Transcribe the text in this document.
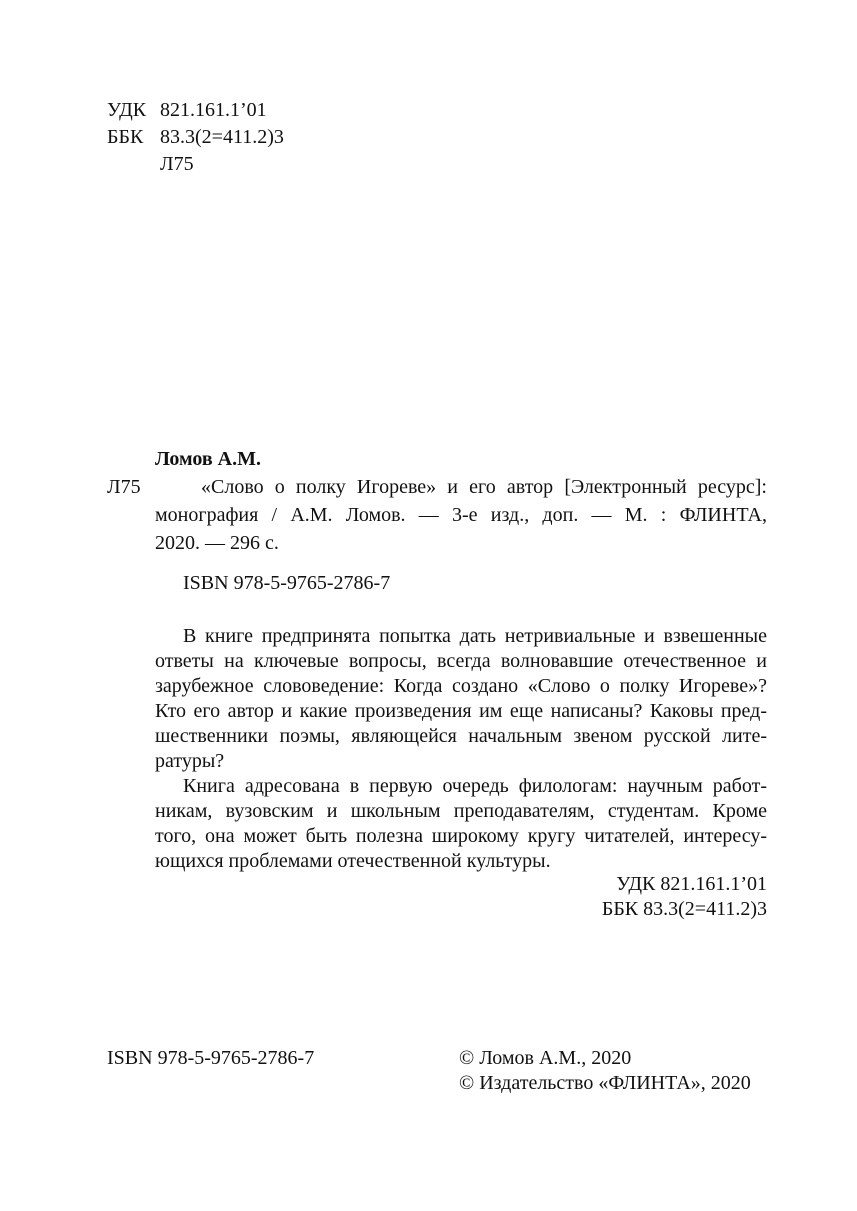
УДК 821.161.1’01
ББК 83.3(2=411.2)3
Л75
Ломов А.М.
Л75	«Слово о полку Игореве» и его автор [Электронный ресурс]:
монография / А.М. Ломов. — 3-е изд., доп. — М. : ФЛИНТА,
2020. — 296 с.
ISBN 978-5-9765-2786-7
В книге предпринята попытка дать нетривиальные и взвешенные
ответы на ключевые вопросы, всегда волновавшие отечественное и
зарубежное слововедение: Когда создано «Слово о полку Игореве»?
Кто его автор и какие произведения им еще написаны? Каковы пред-
шественники поэмы, являющейся начальным звеном русской лите-
ратуры?
Книга адресована в первую очередь филологам: научным работ-
никам, вузовским и школьным преподавателям, студентам. Кроме
того, она может быть полезна широкому кругу читателей, интересу-
ющихся проблемами отечественной культуры.
УДК 821.161.1’01
ББК 83.3(2=411.2)3
ISBN 978-5-9765-2786-7	© Ломов А.М., 2020
© Издательство «ФЛИНТА», 2020
